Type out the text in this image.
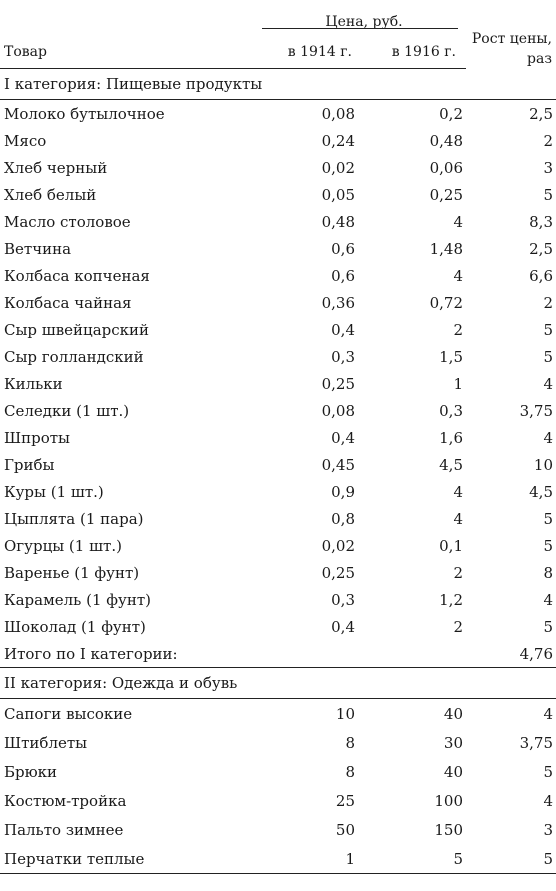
	Цена, руб.		Рост цены,
раз
Товар	в 1914 г.	в 1916 г.	
I категория: Пищевые продукты			
Молоко бутылочное	0,08	0,2	2,5
Мясо	0,24	0,48	2
Хлеб черный	0,02	0,06	3
Хлеб белый	0,05	0,25	5
Масло столовое	0,48	4	8,3
Ветчина	0,6	1,48	2,5
Колбаса копченая	0,6	4	6,6
Колбаса чайная	0,36	0,72	2
Сыр швейцарский	0,4	2	5
Сыр голландский	0,3	1,5	5
Кильки	0,25	1	4
Селедки (1 шт.)	0,08	0,3	3,75
Шпроты	0,4	1,6	4
Грибы	0,45	4,5	10
Куры (1 шт.)	0,9	4	4,5
Цыплята (1 пара)	0,8	4	5
Огурцы (1 шт.)	0,02	0,1	5
Варенье (1 фунт)	0,25	2	8
Карамель (1 фунт)	0,3	1,2	4
Шоколад (1 фунт)	0,4	2	5
Итого по I категории:			4,76
II категория: Одежда и обувь			
Сапоги высокие	10	40	4
Штиблеты	8	30	3,75
Брюки	8	40	5
Костюм-тройка	25	100	4
Пальто зимнее	50	150	3
Перчатки теплые	1	5	5
